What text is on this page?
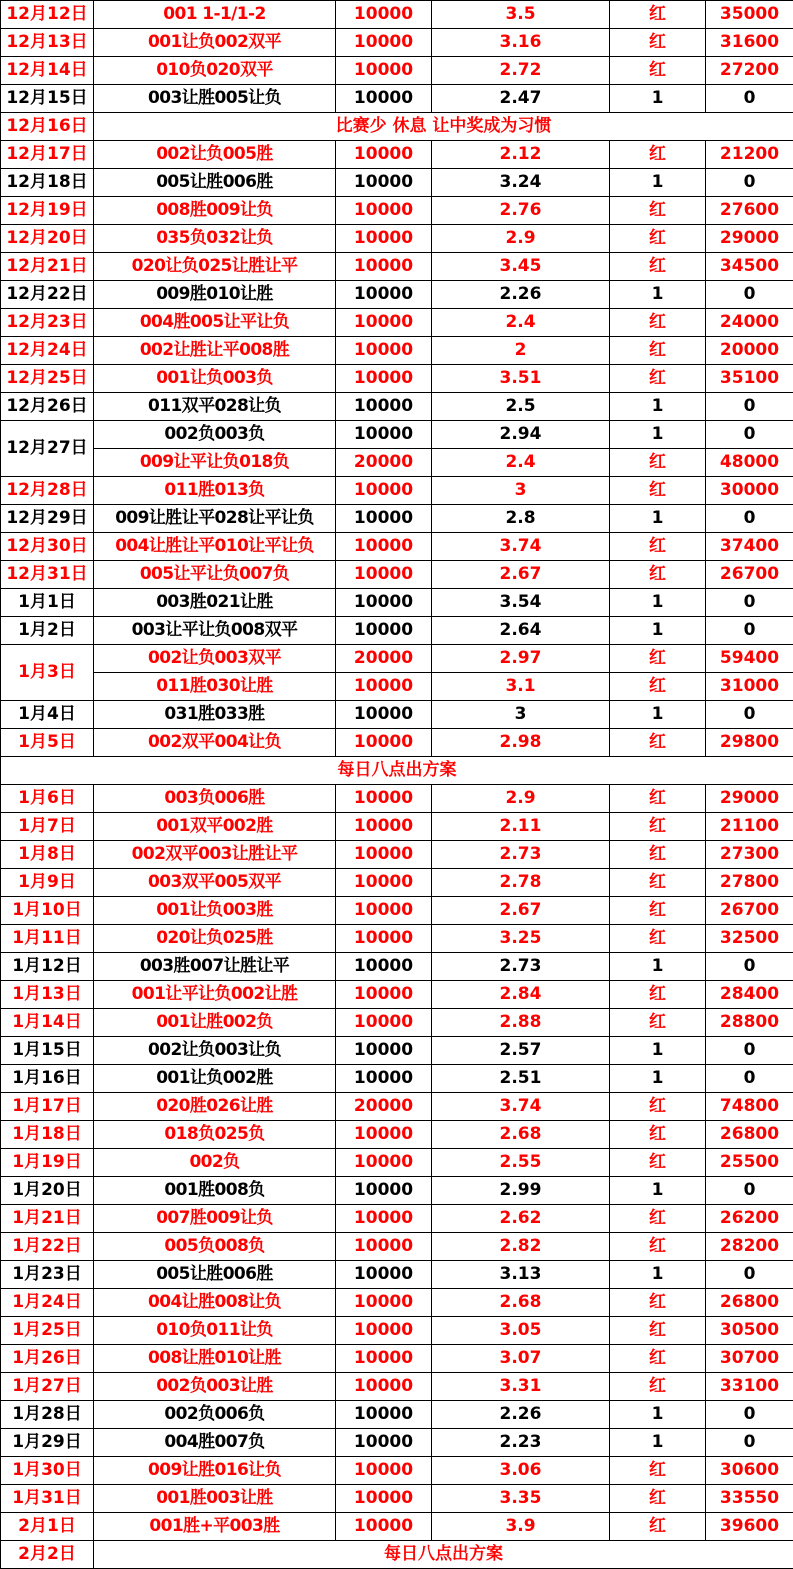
12月12日	001 1-1/1-2	10000	3.5	红	35000
12月13日	001让负002双平	10000	3.16	红	31600
12月14日	010负020双平	10000	2.72	红	27200
12月15日	003让胜005让负	10000	2.47	1	0
12月16日	比赛少 休息 让中奖成为习惯				
12月17日	002让负005胜	10000	2.12	红	21200
12月18日	005让胜006胜	10000	3.24	1	0
12月19日	008胜009让负	10000	2.76	红	27600
12月20日	035负032让负	10000	2.9	红	29000
12月21日	020让负025让胜让平	10000	3.45	红	34500
12月22日	009胜010让胜	10000	2.26	1	0
12月23日	004胜005让平让负	10000	2.4	红	24000
12月24日	002让胜让平008胜	10000	2	红	20000
12月25日	001让负003负	10000	3.51	红	35100
12月26日	011双平028让负	10000	2.5	1	0
12月27日	002负003负	10000	2.94	1	0
	009让平让负018负	20000	2.4	红	48000
12月28日	011胜013负	10000	3	红	30000
12月29日	009让胜让平028让平让负	10000	2.8	1	0
12月30日	004让胜让平010让平让负	10000	3.74	红	37400
12月31日	005让平让负007负	10000	2.67	红	26700
1月1日	003胜021让胜	10000	3.54	1	0
1月2日	003让平让负008双平	10000	2.64	1	0
1月3日	002让负003双平	20000	2.97	红	59400
	011胜030让胜	10000	3.1	红	31000
1月4日	031胜033胜	10000	3	1	0
1月5日	002双平004让负	10000	2.98	红	29800
每日八点出方案					
1月6日	003负006胜	10000	2.9	红	29000
1月7日	001双平002胜	10000	2.11	红	21100
1月8日	002双平003让胜让平	10000	2.73	红	27300
1月9日	003双平005双平	10000	2.78	红	27800
1月10日	001让负003胜	10000	2.67	红	26700
1月11日	020让负025胜	10000	3.25	红	32500
1月12日	003胜007让胜让平	10000	2.73	1	0
1月13日	001让平让负002让胜	10000	2.84	红	28400
1月14日	001让胜002负	10000	2.88	红	28800
1月15日	002让负003让负	10000	2.57	1	0
1月16日	001让负002胜	10000	2.51	1	0
1月17日	020胜026让胜	20000	3.74	红	74800
1月18日	018负025负	10000	2.68	红	26800
1月19日	002负	10000	2.55	红	25500
1月20日	001胜008负	10000	2.99	1	0
1月21日	007胜009让负	10000	2.62	红	26200
1月22日	005负008负	10000	2.82	红	28200
1月23日	005让胜006胜	10000	3.13	1	0
1月24日	004让胜008让负	10000	2.68	红	26800
1月25日	010负011让负	10000	3.05	红	30500
1月26日	008让胜010让胜	10000	3.07	红	30700
1月27日	002负003让胜	10000	3.31	红	33100
1月28日	002负006负	10000	2.26	1	0
1月29日	004胜007负	10000	2.23	1	0
1月30日	009让胜016让负	10000	3.06	红	30600
1月31日	001胜003让胜	10000	3.35	红	33550
2月1日	001胜+平003胜	10000	3.9	红	39600
2月2日	每日八点出方案				
